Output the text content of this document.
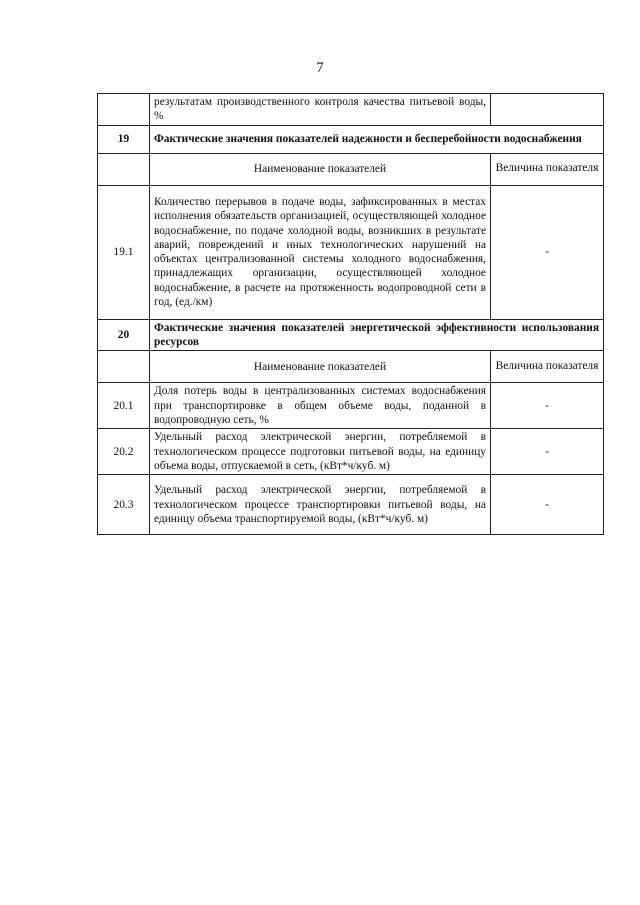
7
	результатам производственного контроля качества питьевой воды, %	
19	Фактические значения показателей надежности и бесперебойности водоснабжения	
	Наименование показателей	Величина показателя
19.1	Количество перерывов в подаче воды, зафиксированных в местах исполнения обязательств организацией, осуществляющей холодное водоснабжение, по подаче холодной воды, возникших в результате аварий, повреждений и иных технологических нарушений на объектах централизованной системы холодного водоснабжения, принадлежащих организации, осуществляющей холодное водоснабжение, в расчете на протяженность водопроводной сети в год, (ед./км)	-
20	Фактические значения показателей энергетической эффективности использования ресурсов	
	Наименование показателей	Величина показателя
20.1	Доля потерь воды в централизованных системах водоснабжения при транспортировке в общем объеме воды, поданной в водопроводную сеть, %	-
20.2	Удельный расход электрической энергии, потребляемой в технологическом процессе подготовки питьевой воды, на единицу объема воды, отпускаемой в сеть, (кВт*ч/куб. м)	-
20.3	Удельный расход электрической энергии, потребляемой в технологическом процессе транспортировки питьевой воды, на единицу объема транспортируемой воды, (кВт*ч/куб. м)	-
